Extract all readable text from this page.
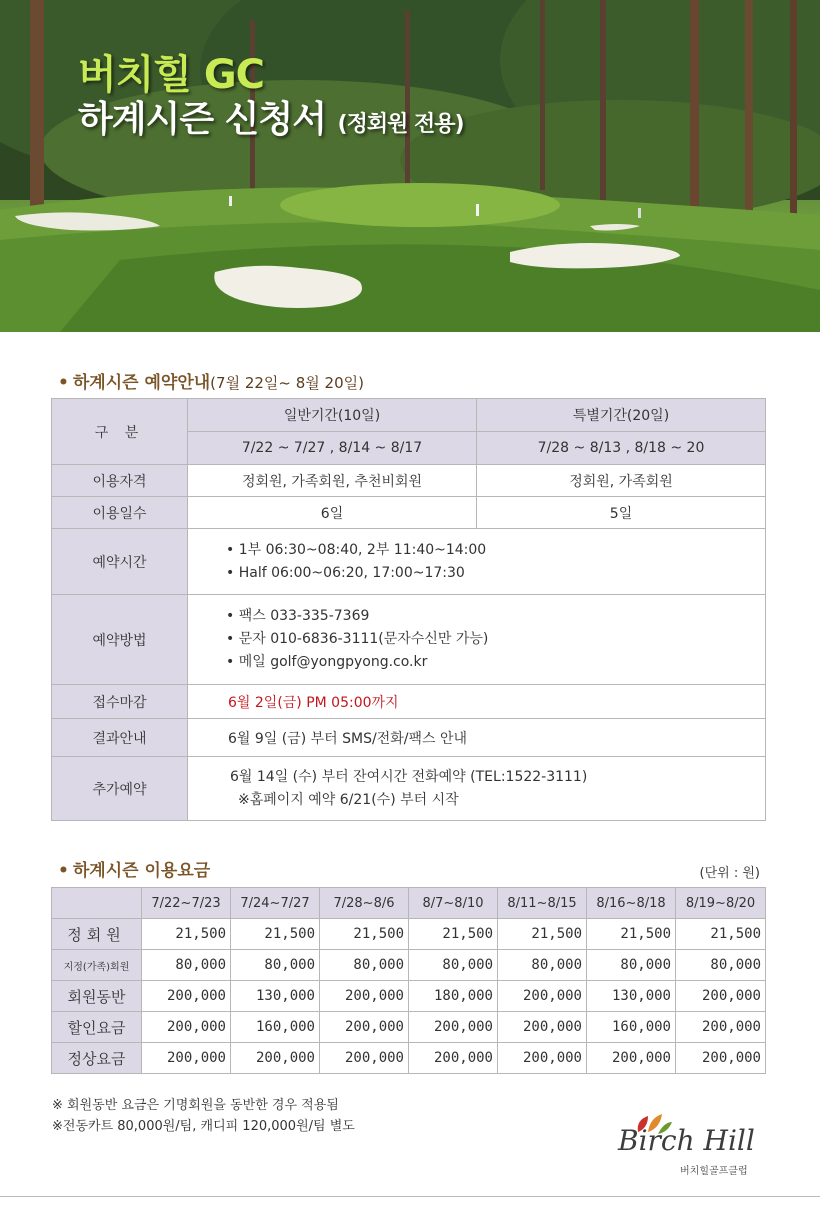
버치힐 GC
하계시즌 신청서 (정회원 전용)
• 하계시즌 예약안내(7월 22일~ 8월 20일)
구 분	일반기간(10일)	특별기간(20일)
	7/22 ~ 7/27 , 8/14 ~ 8/17	7/28 ~ 8/13 , 8/18 ~ 20
이용자격	정회원, 가족회원, 추천비회원	정회원, 가족회원
이용일수	6일	5일
예약시간	• 1부 06:30~08:40, 2부 11:40~14:00
• Half 06:00~06:20, 17:00~17:30	

예약방법	• 팩스 033-335-7369
• 문자 010-6836-3111(문자수신만 가능)
• 메일 golf@yongpyong.co.kr	

접수마감	6월 2일(금) PM 05:00까지	
결과안내	6월 9일 (금) 부터 SMS/전화/팩스 안내	
추가예약	6월 14일 (수) 부터 잔여시간 전화예약 (TEL:1522-3111)
※홈페이지 예약 6/21(수) 부터 시작	
• 하계시즌 이용요금	(단위 : 원)
	7/22~7/23	7/24~7/27	7/28~8/6	8/7~8/10	8/11~8/15	8/16~8/18	8/19~8/20
정회원	21,500	21,500	21,500	21,500	21,500	21,500	21,500
지정(가족)회원	80,000	80,000	80,000	80,000	80,000	80,000	80,000
회원동반	200,000	130,000	200,000	180,000	200,000	130,000	200,000
할인요금	200,000	160,000	200,000	200,000	200,000	160,000	200,000
정상요금	200,000	200,000	200,000	200,000	200,000	200,000	200,000
※ 회원동반 요금은 기명회원을 동반한 경우 적용됨
※전동카트 80,000원/팀, 캐디피 120,000원/팀 별도	Birch Hill
버치힐골프클럽
